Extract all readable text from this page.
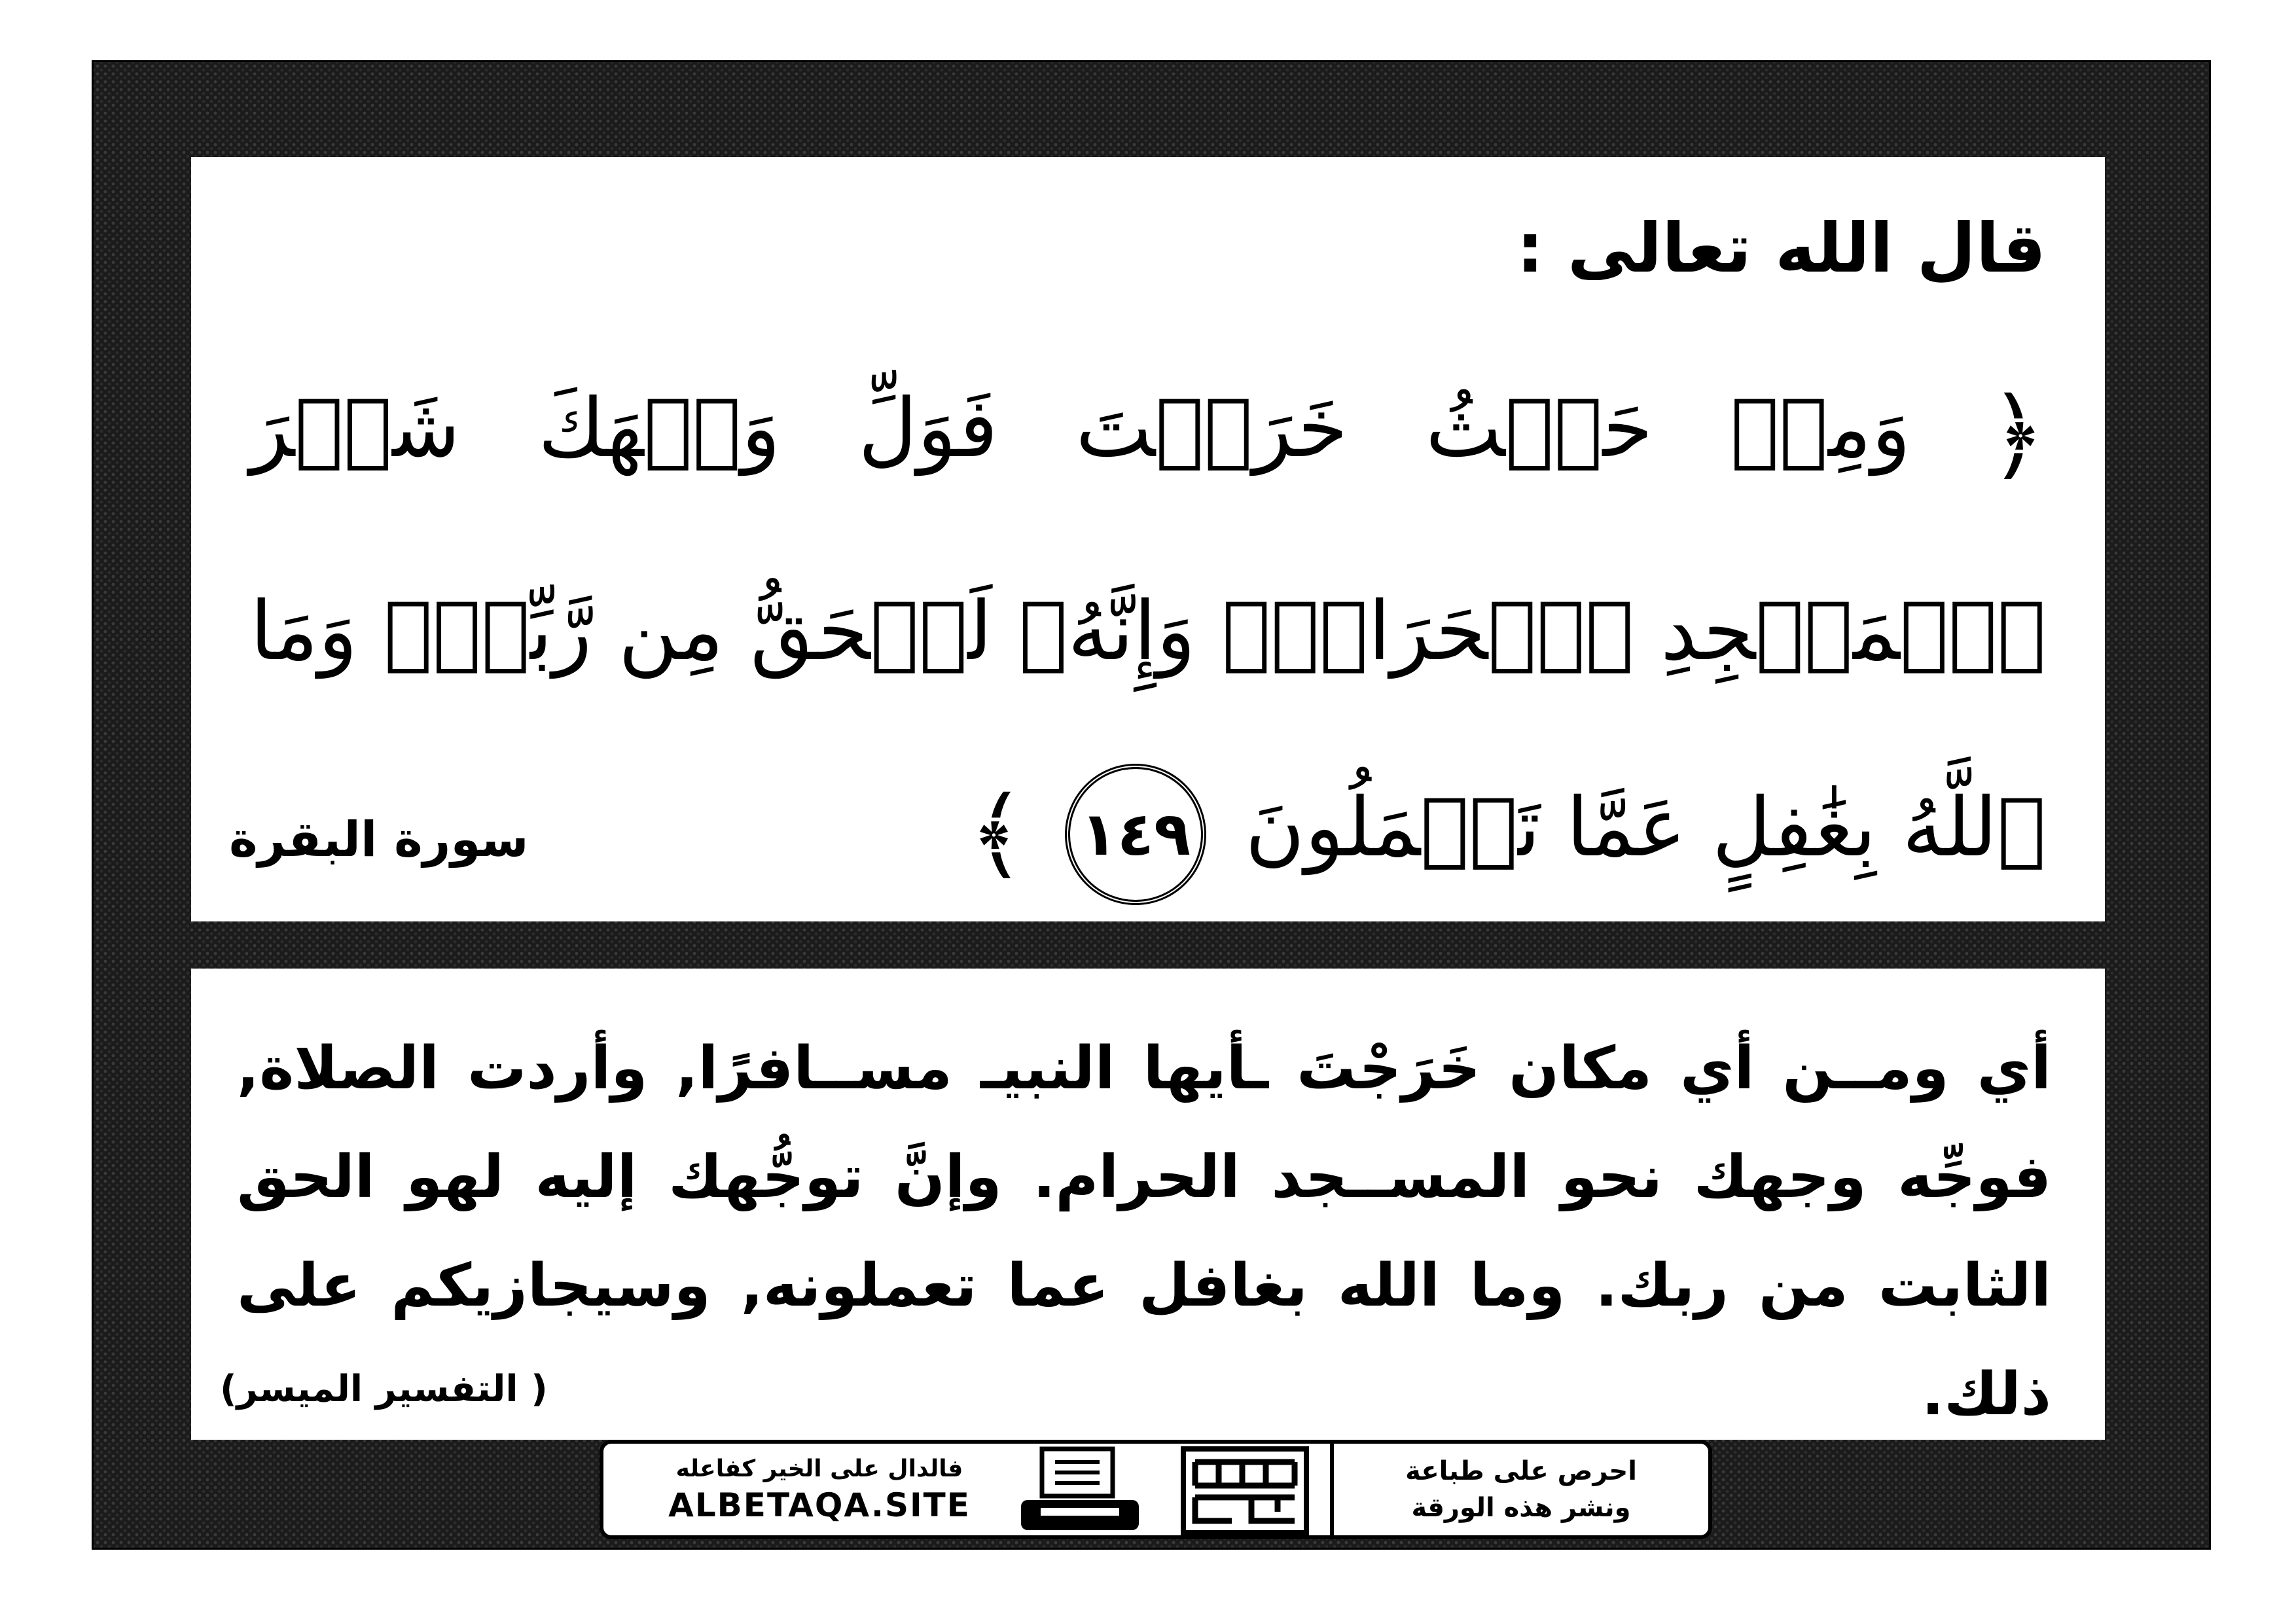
قال الله تعالى :
﴿ وَمِنۡ حَيۡثُ خَرَجۡتَ فَوَلِّ وَجۡهَكَ شَطۡرَ ٱلۡمَسۡجِدِ ٱلۡحَرَامِۖ وَإِنَّهُۥ لَلۡحَقُّ مِن رَّبِّكَۗ وَمَا ٱللَّهُ بِغَٰفِلٍ عَمَّا تَعۡمَلُونَ ١٤٩ ﴾
سورة البقرة

أي ومــن أي مكان خَرَجْتَ ـأيها النبيـ مســافرًا, وأردت الصلاة, فوجِّه وجهك نحو المســجد الحرام. وإنَّ توجُّهك إليه لهو الحق الثابت من ربك. وما الله بغافل عما تعملونه, وسيجازيكم على ذلك.

( التفسير الميسر)
فالدال على الخير كفاعله
ALBETAQA.SITE
احرص على طباعة
ونشر هذه الورقة
